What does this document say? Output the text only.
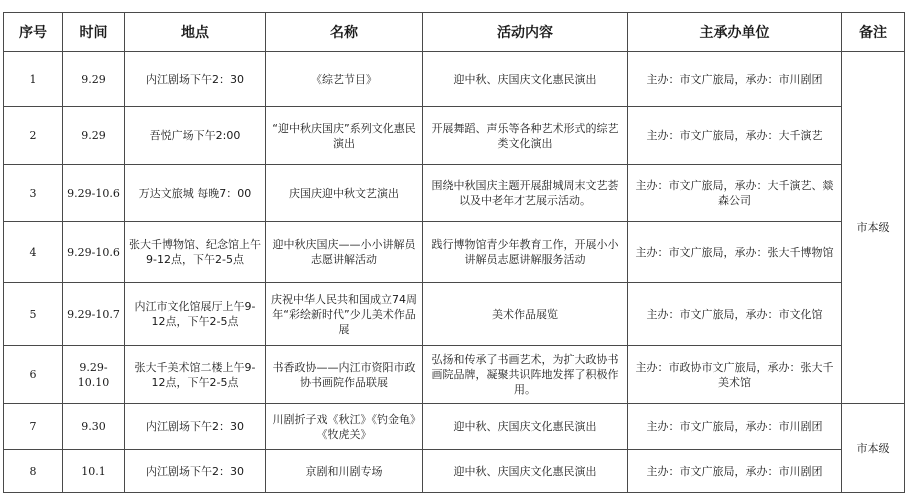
序号	时间	地点	名称	活动内容	主承办单位	备注
1	9.29	内江剧场下午2：30	《综艺节目》	迎中秋、庆国庆文化惠民演出	主办：市文广旅局，承办：市川剧团	市本级
2	9.29	吾悦广场下午2:00	“迎中秋庆国庆”系列文化惠民演出	开展舞蹈、声乐等各种艺术形式的综艺类文化演出	主办：市文广旅局，承办：大千演艺	
3	9.29-10.6	万达文旅城 每晚7：00	庆国庆迎中秋文艺演出	围绕中秋国庆主题开展甜城周末文艺荟以及中老年才艺展示活动。	主办：市文广旅局，承办：大千演艺、燚森公司	
4	9.29-10.6	张大千博物馆、纪念馆上午9-12点，下午2-5点	迎中秋庆国庆——小小讲解员志愿讲解活动	践行博物馆青少年教育工作，开展小小讲解员志愿讲解服务活动	主办：市文广旅局，承办：张大千博物馆	
5	9.29-10.7	内江市文化馆展厅上午9-12点，下午2-5点	庆祝中华人民共和国成立74周年“彩绘新时代”少儿美术作品展	美术作品展览	主办：市文广旅局，承办：市文化馆	
6	9.29-10.10	张大千美术馆二楼上午9-12点，下午2-5点	书香政协——内江市资阳市政协书画院作品联展	弘扬和传承了书画艺术，为扩大政协书画院品牌，凝聚共识阵地发挥了积极作用。	主办：市政协市文广旅局，承办：张大千美术馆	
7	9.30	内江剧场下午2：30	川剧折子戏《秋江》《钓金龟》《牧虎关》	迎中秋、庆国庆文化惠民演出	主办：市文广旅局，承办：市川剧团	市本级
8	10.1	内江剧场下午2：30	京剧和川剧专场	迎中秋、庆国庆文化惠民演出	主办：市文广旅局，承办：市川剧团	
